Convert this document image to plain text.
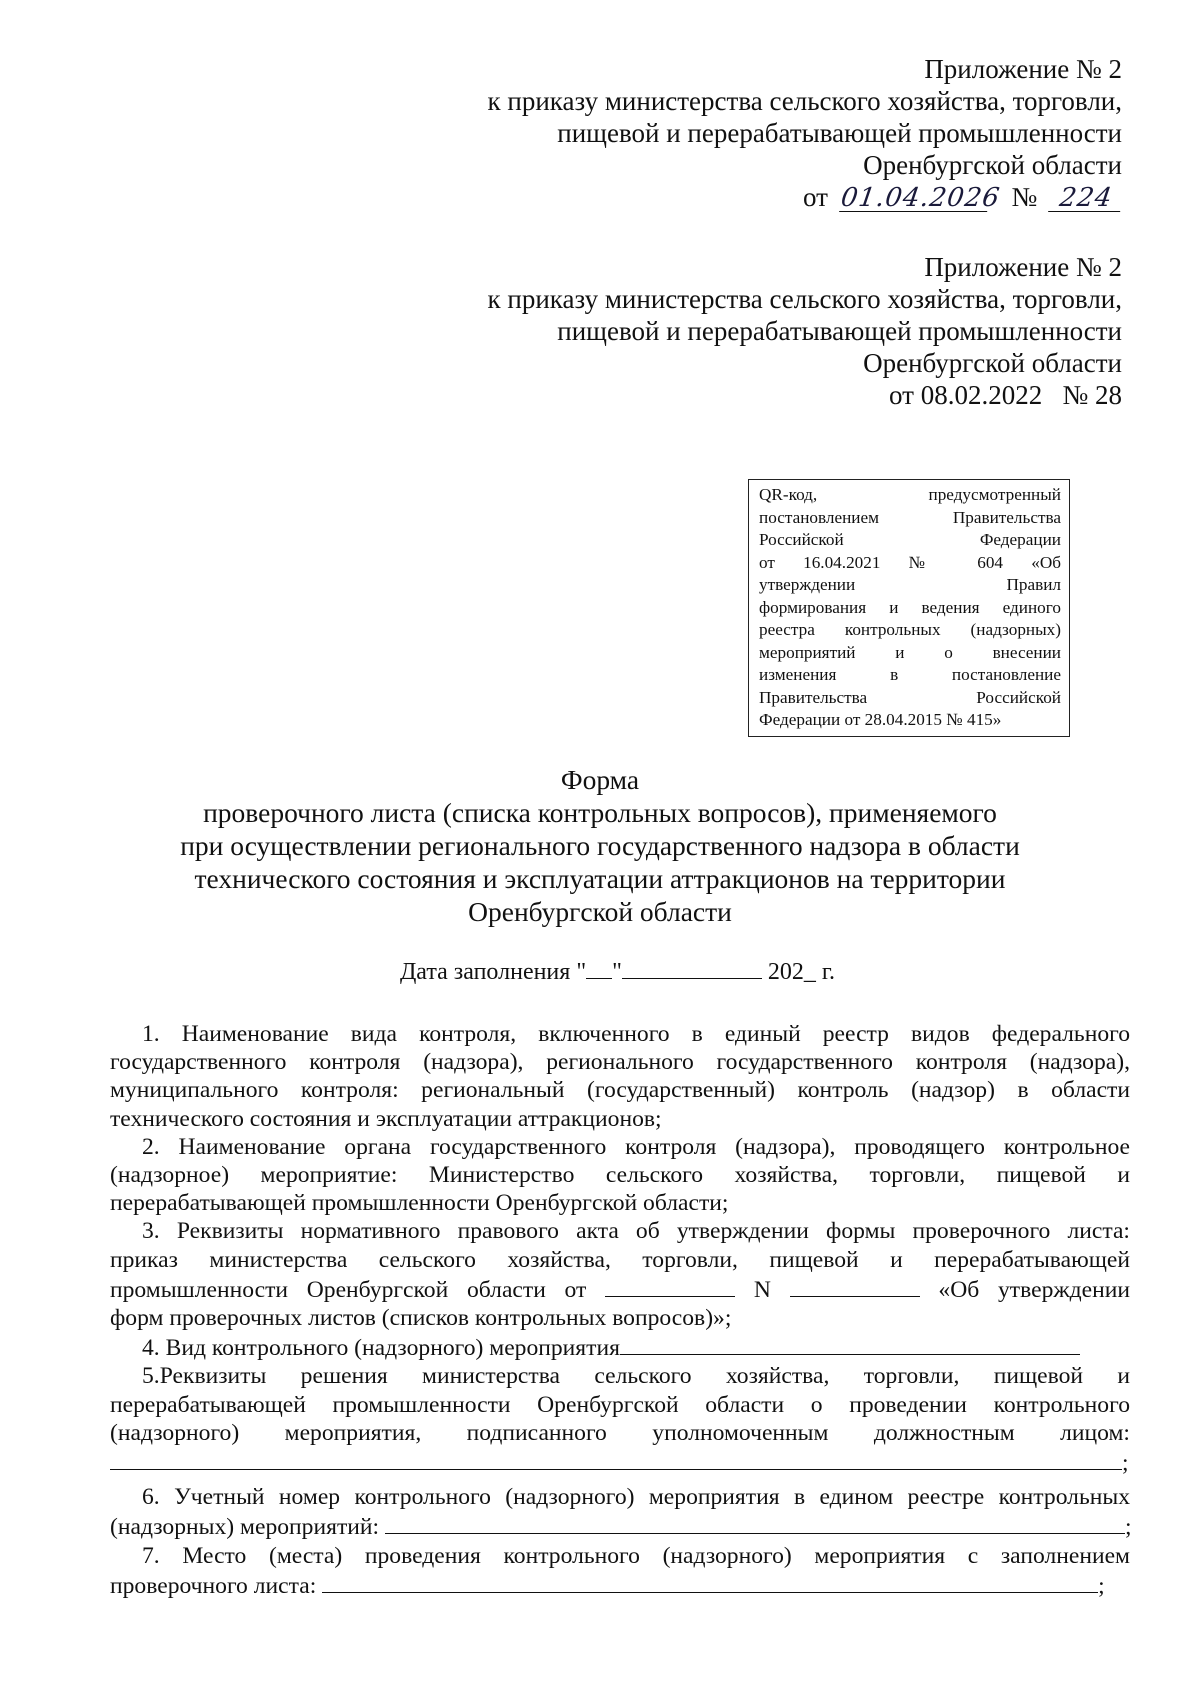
Приложение № 2
к приказу министерства сельского хозяйства, торговли,
пищевой и перерабатывающей промышленности
Оренбургской области
от 01.04.2026 № 224
Приложение № 2
к приказу министерства сельского хозяйства, торговли,
пищевой и перерабатывающей промышленности
Оренбургской области
от 08.02.2022   № 28
QR-код, предусмотренный
постановлением Правительства
Российской Федерации
от 16.04.2021 № 604 «Об
утверждении Правил
формирования и ведения единого
реестра контрольных (надзорных)
мероприятий и о внесении
изменения в постановление
Правительства Российской
Федерации от 28.04.2015 № 415»
Форма
проверочного листа (списка контрольных вопросов), применяемого
при осуществлении регионального государственного надзора в области
технического состояния и эксплуатации аттракционов на территории
Оренбургской области
Дата заполнения " "	202_ г.
1. Наименование вида контроля, включенного в единый реестр видов федерального
государственного контроля (надзора), регионального государственного контроля (надзора),
муниципального контроля: региональный (государственный) контроль (надзор) в области
технического состояния и эксплуатации аттракционов;
2. Наименование органа государственного контроля (надзора), проводящего контрольное
(надзорное) мероприятие: Министерство сельского хозяйства, торговли, пищевой и
перерабатывающей промышленности Оренбургской области;
3. Реквизиты нормативного правового акта об утверждении формы проверочного листа:
приказ министерства сельского хозяйства, торговли, пищевой и перерабатывающей
промышленности Оренбургской области от	N	«Об утверждении
форм проверочных листов (списков контрольных вопросов)»;
4. Вид контрольного (надзорного) мероприятия
5.Реквизиты решения министерства сельского хозяйства, торговли, пищевой и
перерабатывающей промышленности Оренбургской области о проведении контрольного
(надзорного) мероприятия, подписанного уполномоченным должностным лицом:
;
6. Учетный номер контрольного (надзорного) мероприятия в едином реестре контрольных
(надзорных) мероприятий:	;
7. Место (места) проведения контрольного (надзорного) мероприятия с заполнением
проверочного листа:	;
